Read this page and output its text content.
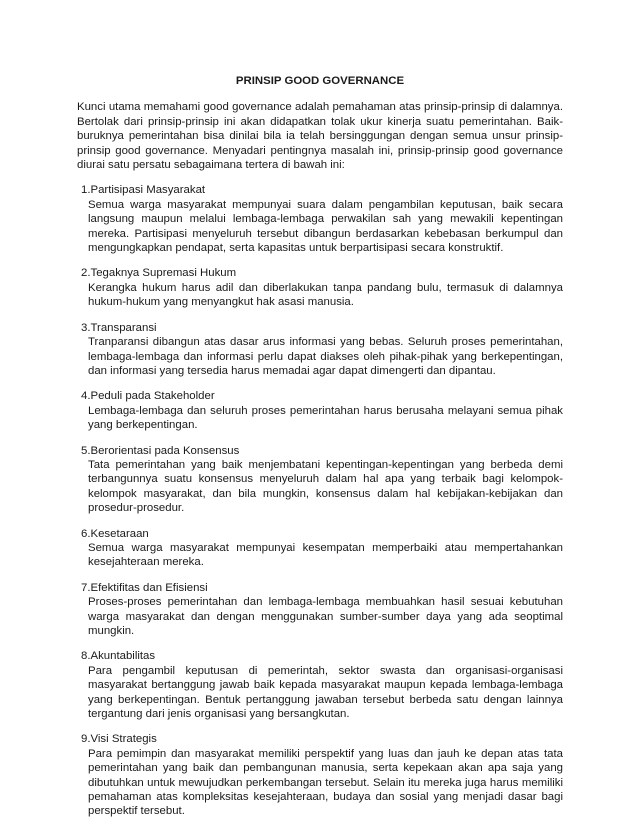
PRINSIP GOOD GOVERNANCE
Kunci utama memahami good governance adalah pemahaman atas prinsip-prinsip di dalamnya. Bertolak dari prinsip-prinsip ini akan didapatkan tolak ukur kinerja suatu pemerintahan. Baik-buruknya pemerintahan bisa dinilai bila ia telah bersinggungan dengan semua unsur prinsip-prinsip good governance. Menyadari pentingnya masalah ini, prinsip-prinsip good governance diurai satu persatu sebagaimana tertera di bawah ini:
1. Partisipasi Masyarakat
Semua warga masyarakat mempunyai suara dalam pengambilan keputusan, baik secara langsung maupun melalui lembaga-lembaga perwakilan sah yang mewakili kepentingan mereka. Partisipasi menyeluruh tersebut dibangun berdasarkan kebebasan berkumpul dan mengungkapkan pendapat, serta kapasitas untuk berpartisipasi secara konstruktif.
2. Tegaknya Supremasi Hukum
Kerangka hukum harus adil dan diberlakukan tanpa pandang bulu, termasuk di dalamnya hukum-hukum yang menyangkut hak asasi manusia.
3. Transparansi
Tranparansi dibangun atas dasar arus informasi yang bebas. Seluruh proses pemerintahan, lembaga-lembaga dan informasi perlu dapat diakses oleh pihak-pihak yang berkepentingan, dan informasi yang tersedia harus memadai agar dapat dimengerti dan dipantau.
4. Peduli pada Stakeholder
Lembaga-lembaga dan seluruh proses pemerintahan harus berusaha melayani semua pihak yang berkepentingan.
5. Berorientasi pada Konsensus
Tata pemerintahan yang baik menjembatani kepentingan-kepentingan yang berbeda demi terbangunnya suatu konsensus menyeluruh dalam hal apa yang terbaik bagi kelompok-kelompok masyarakat, dan bila mungkin, konsensus dalam hal kebijakan-kebijakan dan prosedur-prosedur.
6. Kesetaraan
Semua warga masyarakat mempunyai kesempatan memperbaiki atau mempertahankan kesejahteraan mereka.
7. Efektifitas dan Efisiensi
Proses-proses pemerintahan dan lembaga-lembaga membuahkan hasil sesuai kebutuhan warga masyarakat dan dengan menggunakan sumber-sumber daya yang ada seoptimal mungkin.
8. Akuntabilitas
Para pengambil keputusan di pemerintah, sektor swasta dan organisasi-organisasi masyarakat bertanggung jawab baik kepada masyarakat maupun kepada lembaga-lembaga yang berkepentingan. Bentuk pertanggung jawaban tersebut berbeda satu dengan lainnya tergantung dari jenis organisasi yang bersangkutan.
9. Visi Strategis
Para pemimpin dan masyarakat memiliki perspektif yang luas dan jauh ke depan atas tata pemerintahan yang baik dan pembangunan manusia, serta kepekaan akan apa saja yang dibutuhkan untuk mewujudkan perkembangan tersebut. Selain itu mereka juga harus memiliki pemahaman atas kompleksitas kesejahteraan, budaya dan sosial yang menjadi dasar bagi perspektif tersebut.
